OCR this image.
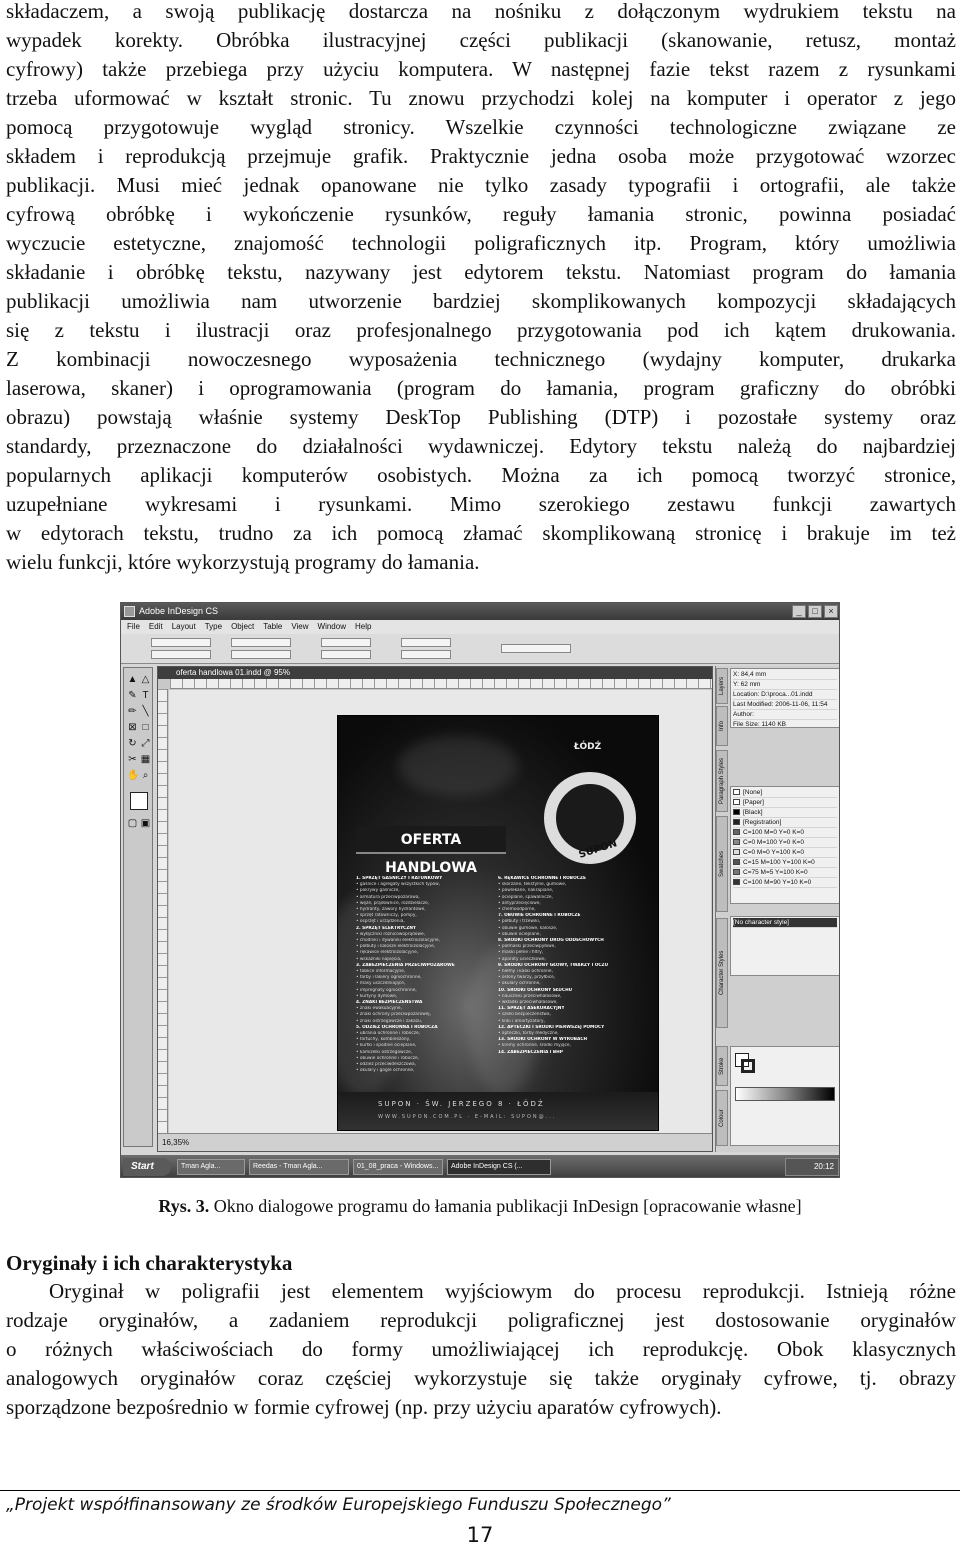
składaczem, a swoją publikację dostarcza na nośniku z dołączonym wydrukiem tekstu na
wypadek korekty. Obróbka ilustracyjnej części publikacji (skanowanie, retusz, montaż
cyfrowy) także przebiega przy użyciu komputera. W następnej fazie tekst razem z rysunkami
trzeba uformować w kształt stronic. Tu znowu przychodzi kolej na komputer i operator z jego
pomocą przygotowuje wygląd stronicy. Wszelkie czynności technologiczne związane ze
składem i reprodukcją przejmuje grafik. Praktycznie jedna osoba może przygotować wzorzec
publikacji. Musi mieć jednak opanowane nie tylko zasady typografii i ortografii, ale także
cyfrową obróbkę i wykończenie rysunków, reguły łamania stronic, powinna posiadać
wyczucie estetyczne, znajomość technologii poligraficznych itp. Program, który umożliwia
składanie i obróbkę tekstu, nazywany jest edytorem tekstu. Natomiast program do łamania
publikacji umożliwia nam utworzenie bardziej skomplikowanych kompozycji składających
się z tekstu i ilustracji oraz profesjonalnego przygotowania pod ich kątem drukowania.
Z kombinacji nowoczesnego wyposażenia technicznego (wydajny komputer, drukarka
laserowa, skaner) i oprogramowania (program do łamania, program graficzny do obróbki
obrazu) powstają właśnie systemy DeskTop Publishing (DTP) i pozostałe systemy oraz
standardy, przeznaczone do działalności wydawniczej. Edytory tekstu należą do najbardziej
popularnych aplikacji komputerów osobistych. Można za ich pomocą tworzyć stronice,
uzupełniane wykresami i rysunkami. Mimo szerokiego zestawu funkcji zawartych
w edytorach tekstu, trudno za ich pomocą złamać skomplikowaną stronicę i brakuje im też
wielu funkcji, które wykorzystują programy do łamania.
Adobe InDesign CS	_	□	×
File Edit Layout Type Object Table View Window Help
▲ △
✎ T
✏ ╲
⊠ □
↻ ⤢
✂ ▦
✋ ⌕
▢ ▣
oferta handlowa 01.indd @ 95%
ŁÓDŹ
SUPON
OFERTA HANDLOWA

1. SPRZĘT GAŚNICZY I RATUNKOWY

• gaśnice i agregaty wszystkich typów,

• pokrywy gaśnicze,

• armatura przeciwpożarowa,

• węże, prądownice, rozdzielacze,

• hydranty, zawory hydrantowe,

• sprzęt ratowniczy, pompy,

• osprzęt i urządzenia,

2. SPRZĘT ELEKTRYCZNY

• wyłączniki różnicowoprądowe,

• chodniki i dywaniki elektroizolacyjne,

• półbuty i kalosze elektroizolacyjne,

• rękawice elektroizolacyjne,

• wskaźniki napięcia,

3. ZABEZPIECZENIA PRZECIWPOŻAROWE

• tablice informacyjne,

• farby i lakiery ogniochronne,

• masy uszczelniające,

• impregnaty ogniochronne,

• kurtyny dymowe,

4. ZNAKI BEZPIECZEŃSTWA

• znaki ewakuacyjne,

• znaki ochrony przeciwpożarowej,

• znaki ostrzegawcze i zakazu,

5. ODZIEŻ OCHRONNA I ROBOCZA

• ubrania ochronne i robocze,

• fartuchy, kombinezony,

• kurtki i spodnie ocieplane,

• kamizelki ostrzegawcze,

• obuwie ochronne i robocze,

• odzież przeciwdeszczowa,

• okulary i gogle ochronne,

6. RĘKAWICE OCHRONNE I ROBOCZE

• skórzane, tekstylne, gumowe,

• powlekane, nakrapiane,

• ocieplane, spawalnicze,

• antyprzecięciowe,

• chemoodporne,

7. OBUWIE OCHRONNE I ROBOCZE

• półbuty i trzewiki,

• obuwie gumowe, kalosze,

• obuwie ocieplane,

8. ŚRODKI OCHRONY DRÓG ODDECHOWYCH

• półmaski przeciwpyłowe,

• maski pełne i filtry,

• aparaty ucieczkowe,

9. ŚRODKI OCHRONY GŁOWY, TWARZY I OCZU

• hełmy i kaski ochronne,

• osłony twarzy, przyłbice,

• okulary ochronne,

10. ŚRODKI OCHRONY SŁUCHU

• nauszniki przeciwhałasowe,

• wkładki przeciwhałasowe,

11. SPRZĘT ASEKURACYJNY

• szelki bezpieczeństwa,

• linki i amortyzatory,

12. APTECZKI I ŚRODKI PIERWSZEJ POMOCY

• apteczki, torby medyczne,

13. ŚRODKI OCHRONY W WYROBACH

• kremy ochronne, środki myjące,

14. ZABEZPIECZENIA I BHP

SUPON · ŚW. JERZEGO 8 · ŁÓDŹ
WWW.SUPON.COM.PL · E-MAIL: SUPON@...
16,35%
X: 84,4 mm
Y: 62 mm
Location: D:\proca...01.indd
Last Modified: 2006-11-06, 11:54
Author:
File Size: 1140 KB
[None]
[Paper]
[Black]
[Registration]
C=100 M=0 Y=0 K=0
C=0 M=100 Y=0 K=0
C=0 M=0 Y=100 K=0
C=15 M=100 Y=100 K=0
C=75 M=5 Y=100 K=0
C=100 M=90 Y=10 K=0
[No character style]
Layers
Info
Paragraph Styles
Swatches
Character Styles
Stroke
Colour
Start	Tman Agla...	Reedas - Tman Agla...	01_08_praca - Windows...	Adobe InDesign CS (...	20:12
Rys. 3. Okno dialogowe programu do łamania publikacji InDesign [opracowanie własne]
Oryginały i ich charakterystyka
Oryginał w poligrafii jest elementem wyjściowym do procesu reprodukcji. Istnieją różne
rodzaje oryginałów, a zadaniem reprodukcji poligraficznej jest dostosowanie oryginałów
o różnych właściwościach do formy umożliwiającej ich reprodukcję. Obok klasycznych
analogowych oryginałów coraz częściej wykorzystuje się także oryginały cyfrowe, tj. obrazy
sporządzone bezpośrednio w formie cyfrowej (np. przy użyciu aparatów cyfrowych).
„Projekt współfinansowany ze środków Europejskiego Funduszu Społecznego”
17
